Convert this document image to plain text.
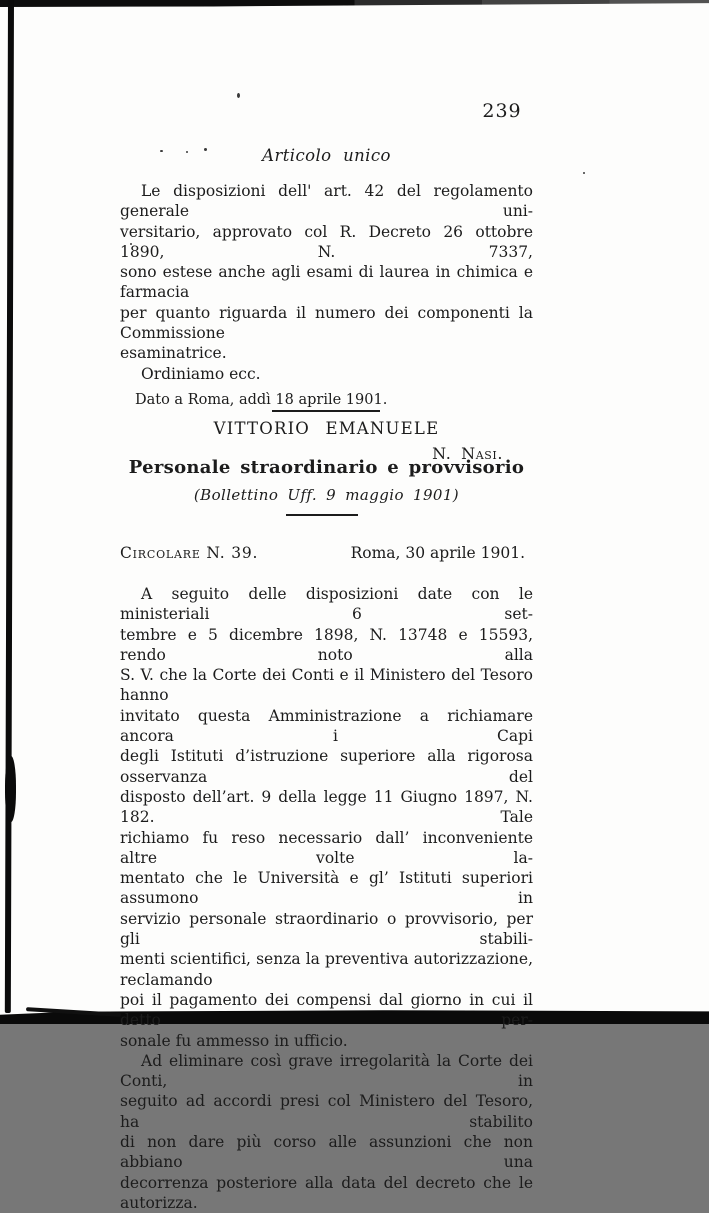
239
Articolo unico
Le disposizioni dell' art. 42 del regolamento generale uni-
versitario, approvato col R. Decreto 26 ottobre 1890, N. 7337,
sono estese anche agli esami di laurea in chimica e farmacia
per quanto riguarda il numero dei componenti la Commissione
esaminatrice.
Ordiniamo ecc.
Dato a Roma, addì 18 aprile 1901.
VITTORIO EMANUELE
N. Nasi.
Personale straordinario e provvisorio
(Bollettino Uff. 9 maggio 1901)
Circolare N. 39.	Roma, 30 aprile 1901.
A seguito delle disposizioni date con le ministeriali 6 set-
tembre e 5 dicembre 1898, N. 13748 e 15593, rendo noto alla
S. V. che la Corte dei Conti e il Ministero del Tesoro hanno
invitato questa Amministrazione a richiamare ancora i Capi
degli Istituti d’istruzione superiore alla rigorosa osservanza del
disposto dell’art. 9 della legge 11 Giugno 1897, N. 182. Tale
richiamo fu reso necessario dall’ inconveniente altre volte la-
mentato che le Università e gl’ Istituti superiori assumono in
servizio personale straordinario o provvisorio, per gli stabili-
menti scientifici, senza la preventiva autorizzazione, reclamando
poi il pagamento dei compensi dal giorno in cui il detto per-
sonale fu ammesso in ufficio.
Ad eliminare così grave irregolarità la Corte dei Conti, in
seguito ad accordi presi col Ministero del Tesoro, ha stabilito
di non dare più corso alle assunzioni che non abbiano una
decorrenza posteriore alla data del decreto che le autorizza.
